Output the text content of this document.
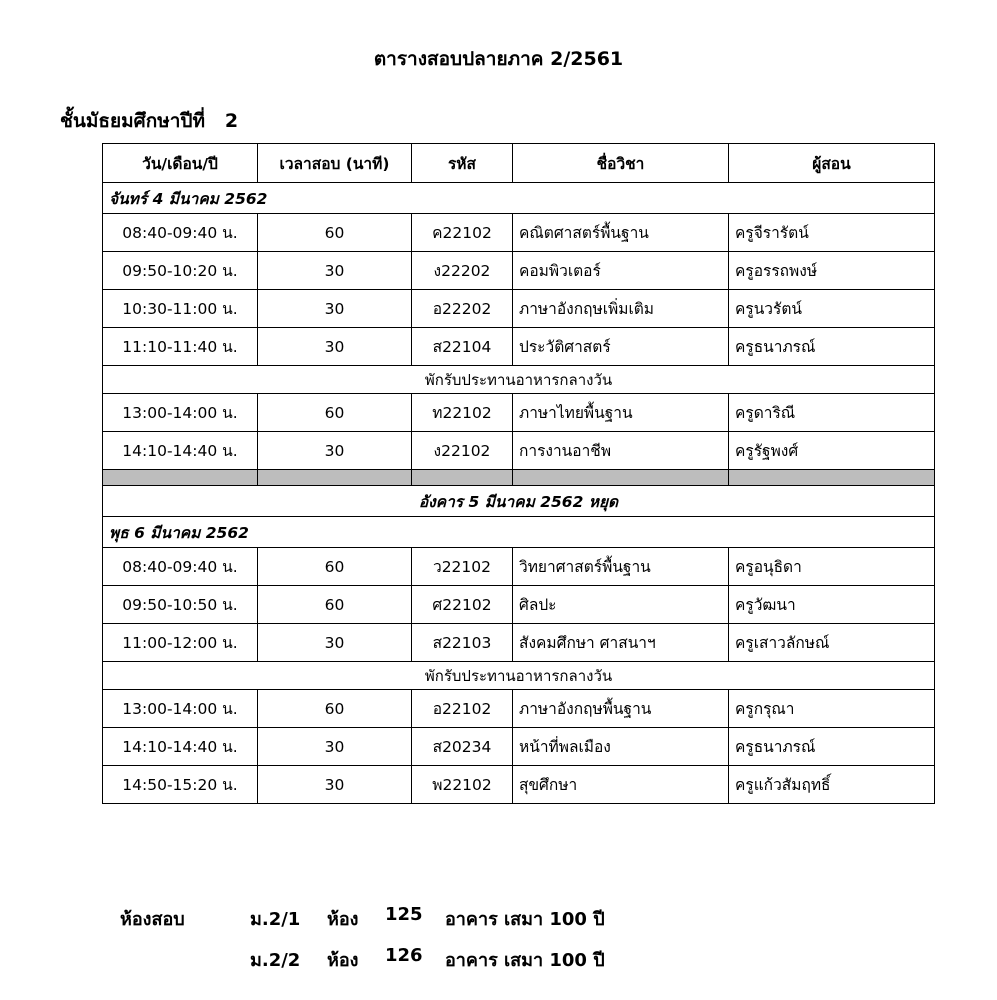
ตารางสอบปลายภาค 2/2561
ชั้นมัธยมศึกษาปีที่   2
วัน/เดือน/ปี	เวลาสอบ (นาที)	รหัส	ชื่อวิชา	ผู้สอน
จันทร์ 4 มีนาคม 2562				
08:40-09:40 น.	60	ค22102	คณิตศาสตร์พื้นฐาน	ครูจีรารัตน์
09:50-10:20 น.	30	ง22202	คอมพิวเตอร์	ครูอรรถพงษ์
10:30-11:00 น.	30	อ22202	ภาษาอังกฤษเพิ่มเติม	ครูนวรัตน์
11:10-11:40 น.	30	ส22104	ประวัติศาสตร์	ครูธนาภรณ์
พักรับประทานอาหารกลางวัน				
13:00-14:00 น.	60	ท22102	ภาษาไทยพื้นฐาน	ครูดาริณี
14:10-14:40 น.	30	ง22102	การงานอาชีพ	ครูรัฐพงศ์

อังคาร 5 มีนาคม 2562 หยุด				
พุธ 6 มีนาคม 2562				
08:40-09:40 น.	60	ว22102	วิทยาศาสตร์พื้นฐาน	ครูอนุธิดา
09:50-10:50 น.	60	ศ22102	ศิลปะ	ครูวัฒนา
11:00-12:00 น.	30	ส22103	สังคมศึกษา ศาสนาฯ	ครูเสาวลักษณ์
พักรับประทานอาหารกลางวัน				
13:00-14:00 น.	60	อ22102	ภาษาอังกฤษพื้นฐาน	ครูกรุณา
14:10-14:40 น.	30	ส20234	หน้าที่พลเมือง	ครูธนาภรณ์
14:50-15:20 น.	30	พ22102	สุขศึกษา	ครูแก้วสัมฤทธิ์
ห้องสอบ	ม.2/1 ห้อง 125 อาคาร เสมา 100 ปี
ม.2/2 ห้อง 126 อาคาร เสมา 100 ปี
